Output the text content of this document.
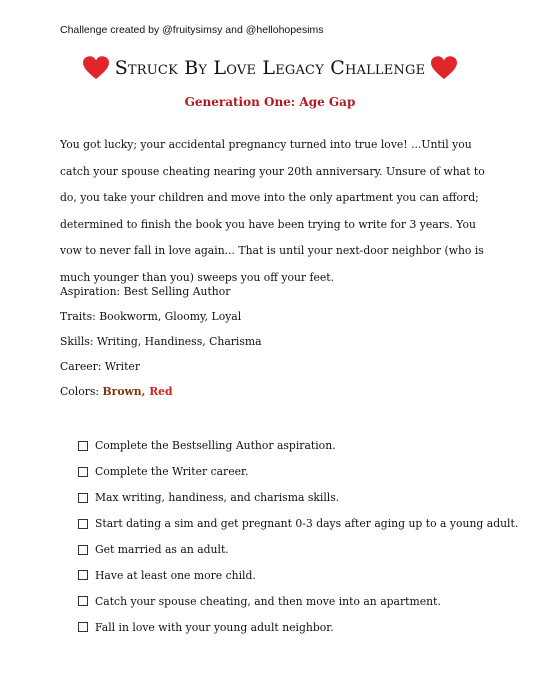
Challenge created by @fruitysimsy and @hellohopesims
Struck By Love Legacy Challenge
Generation One: Age Gap
You got lucky; your accidental pregnancy turned into true love! ...Until you catch your spouse cheating nearing your 20th anniversary. Unsure of what to do, you take your children and move into the only apartment you can afford; determined to finish the book you have been trying to write for 3 years. You vow to never fall in love again... That is until your next-door neighbor (who is much younger than you) sweeps you off your feet.
Aspiration: Best Selling Author
Traits: Bookworm, Gloomy, Loyal
Skills: Writing, Handiness, Charisma
Career: Writer
Colors: Brown, Red
Complete the Bestselling Author aspiration.
Complete the Writer career.
Max writing, handiness, and charisma skills.
Start dating a sim and get pregnant 0-3 days after aging up to a young adult.
Get married as an adult.
Have at least one more child.
Catch your spouse cheating, and then move into an apartment.
Fall in love with your young adult neighbor.
